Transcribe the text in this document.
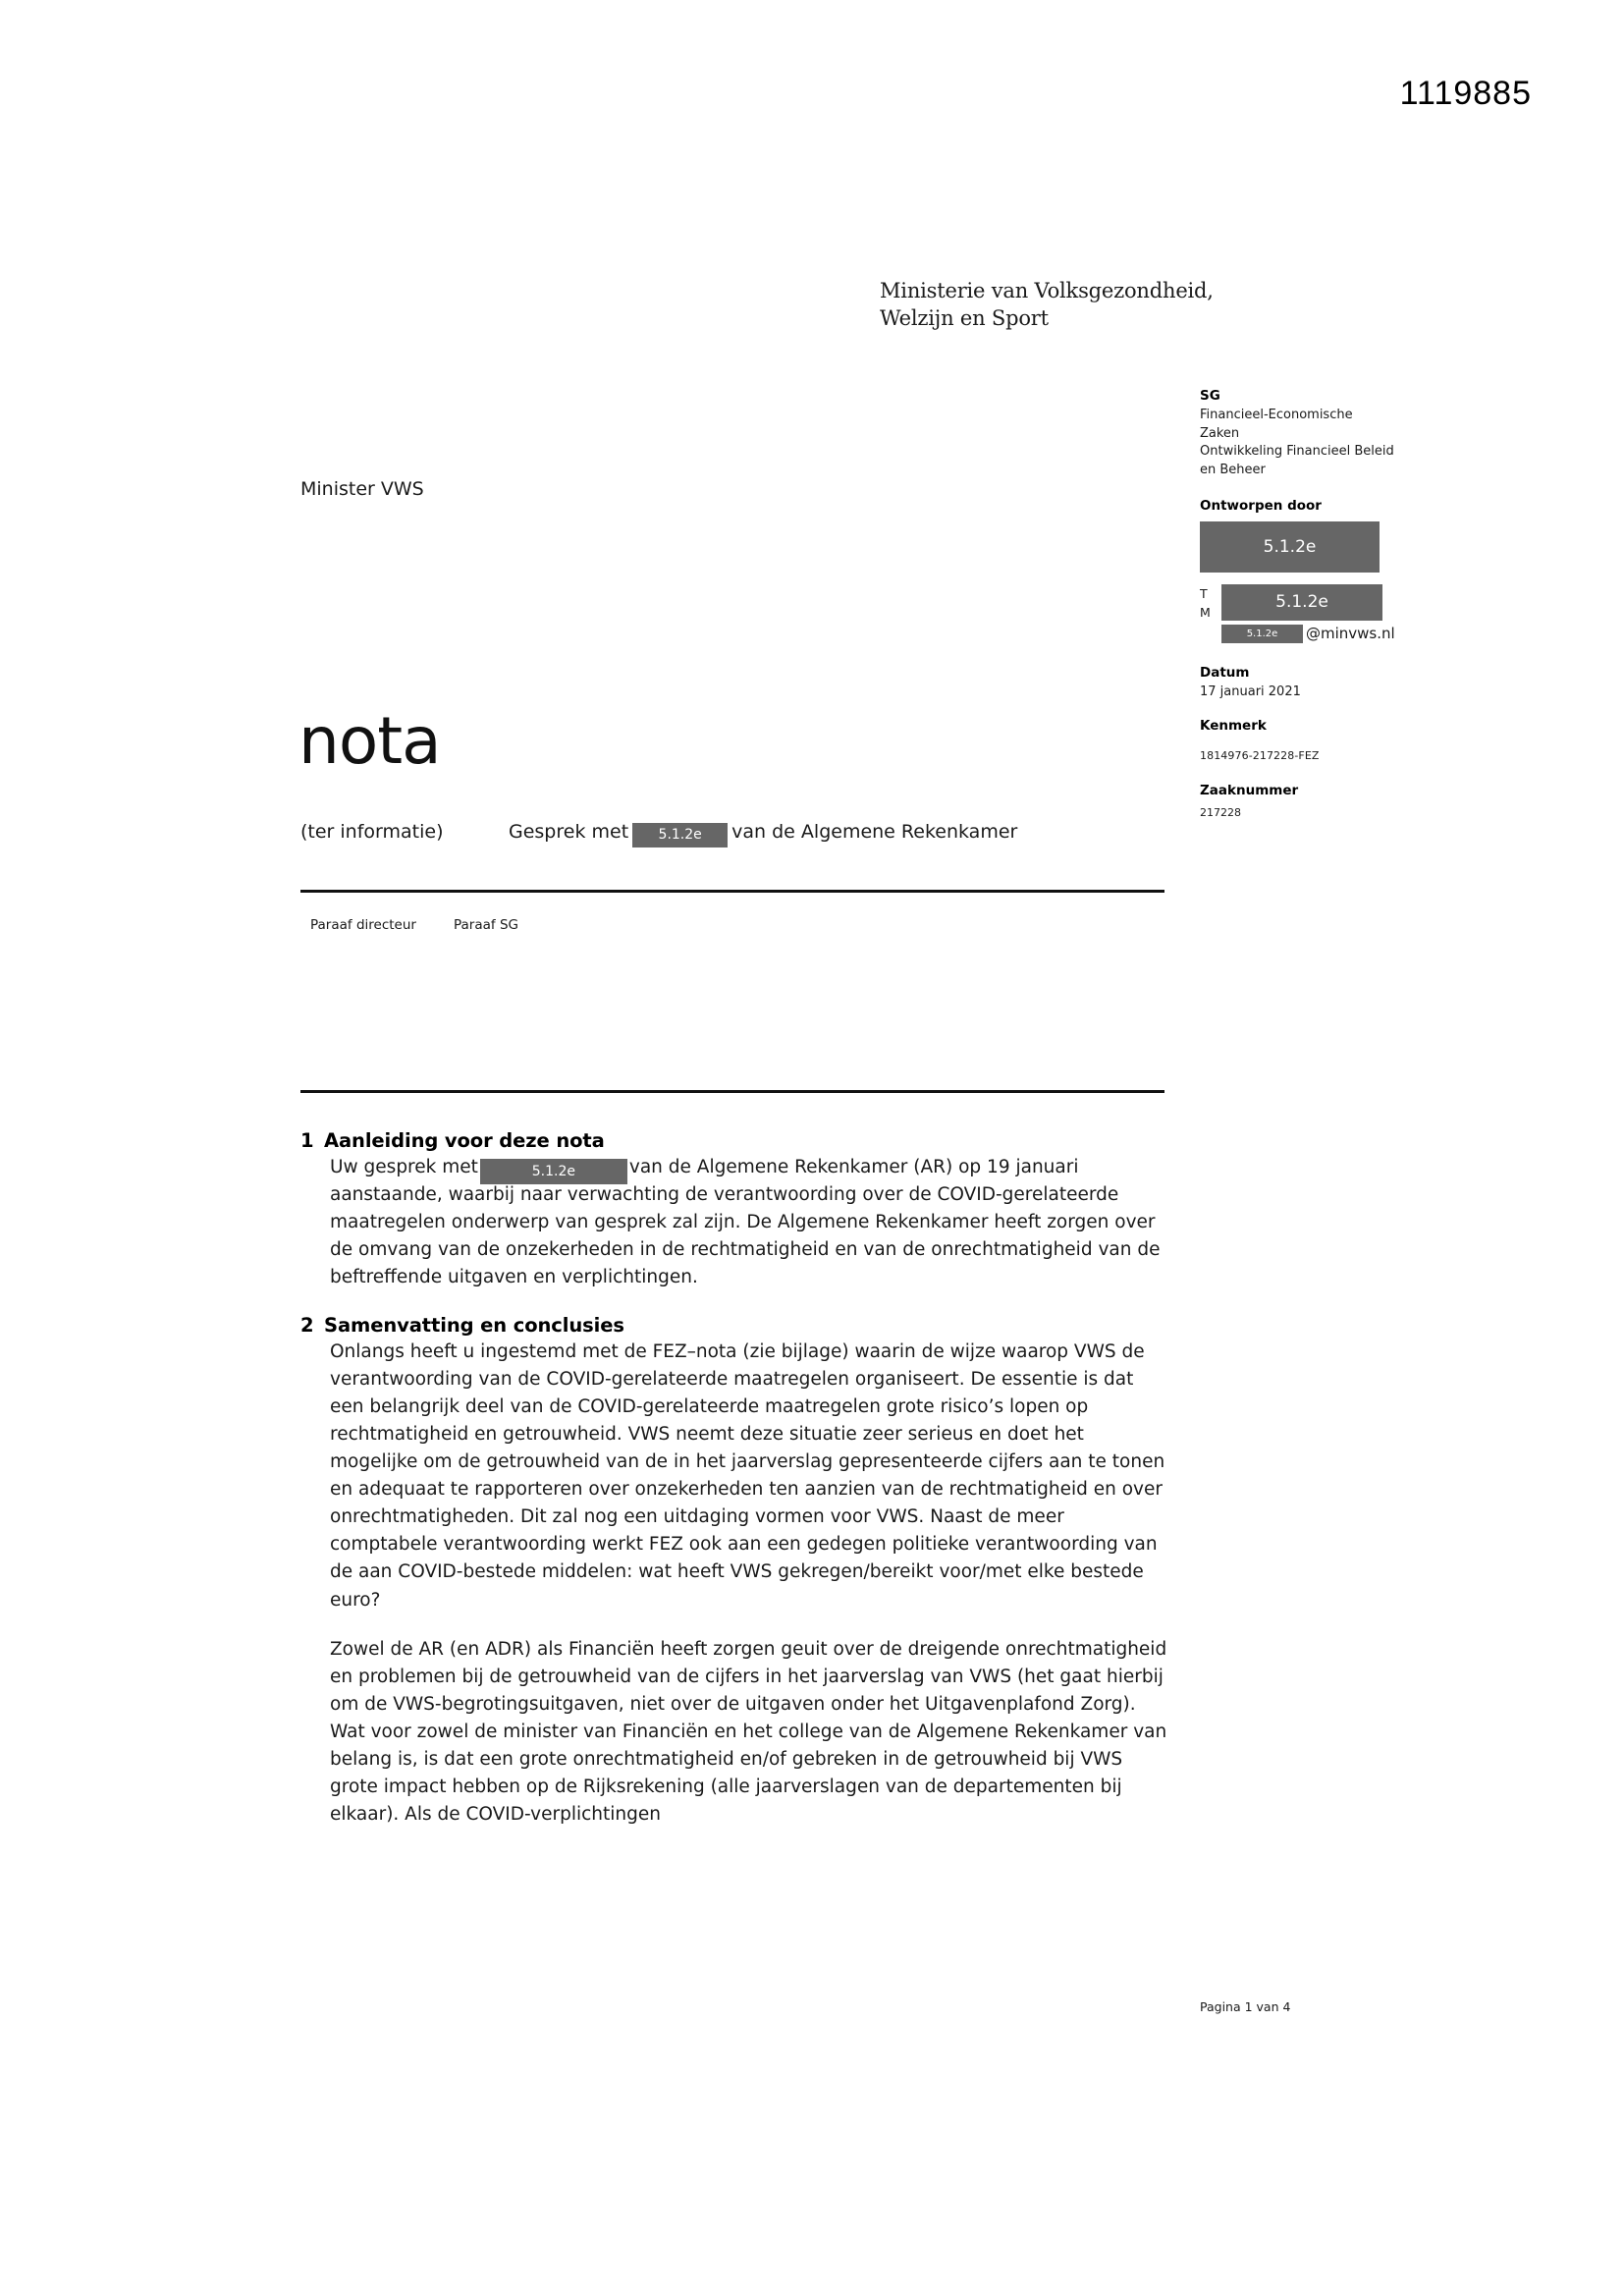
1119885
Ministerie van Volksgezondheid,
Welzijn en Sport
SG
Financieel-Economische
Zaken
Ontwikkeling Financieel Beleid
en Beheer
Ontworpen door
5.1.2e
T
M
5.1.2e
5.1.2e	@minvws.nl
Datum
17 januari 2021
Kenmerk
1814976-217228-FEZ
Zaaknummer
217228
Minister VWS
nota
(ter informatie)	Gesprek met 5.1.2e van de Algemene Rekenkamer
Paraaf directeur	Paraaf SG
1 Aanleiding voor deze nota

Uw gesprek met	5.1.2e	van de Algemene Rekenkamer (AR) op 19 januari aanstaande, waarbij naar verwachting de verantwoording over de COVID-gerelateerde maatregelen onderwerp van gesprek zal zijn. De Algemene Rekenkamer heeft zorgen over de omvang van de onzekerheden in de rechtmatigheid en van de onrechtmatigheid van de beftreffende uitgaven en verplichtingen.

2 Samenvatting en conclusies

Onlangs heeft u ingestemd met de FEZ–nota (zie bijlage) waarin de wijze waarop VWS de verantwoording van de COVID-gerelateerde maatregelen organiseert. De essentie is dat een belangrijk deel van de COVID-gerelateerde maatregelen grote risico’s lopen op rechtmatigheid en getrouwheid. VWS neemt deze situatie zeer serieus en doet het mogelijke om de getrouwheid van de in het jaarverslag gepresenteerde cijfers aan te tonen en adequaat te rapporteren over onzekerheden ten aanzien van de rechtmatigheid en over onrechtmatigheden. Dit zal nog een uitdaging vormen voor VWS. Naast de meer comptabele verantwoording werkt FEZ ook aan een gedegen politieke verantwoording van de aan COVID-bestede middelen: wat heeft VWS gekregen/bereikt voor/met elke bestede euro?

Zowel de AR (en ADR) als Financiën heeft zorgen geuit over de dreigende onrechtmatigheid en problemen bij de getrouwheid van de cijfers in het jaarverslag van VWS (het gaat hierbij om de VWS-begrotingsuitgaven, niet over de uitgaven onder het Uitgavenplafond Zorg). Wat voor zowel de minister van Financiën en het college van de Algemene Rekenkamer van belang is, is dat een grote onrechtmatigheid en/of gebreken in de getrouwheid bij VWS grote impact hebben op de Rijksrekening (alle jaarverslagen van de departementen bij elkaar). Als de COVID-verplichtingen

Pagina 1 van 4
